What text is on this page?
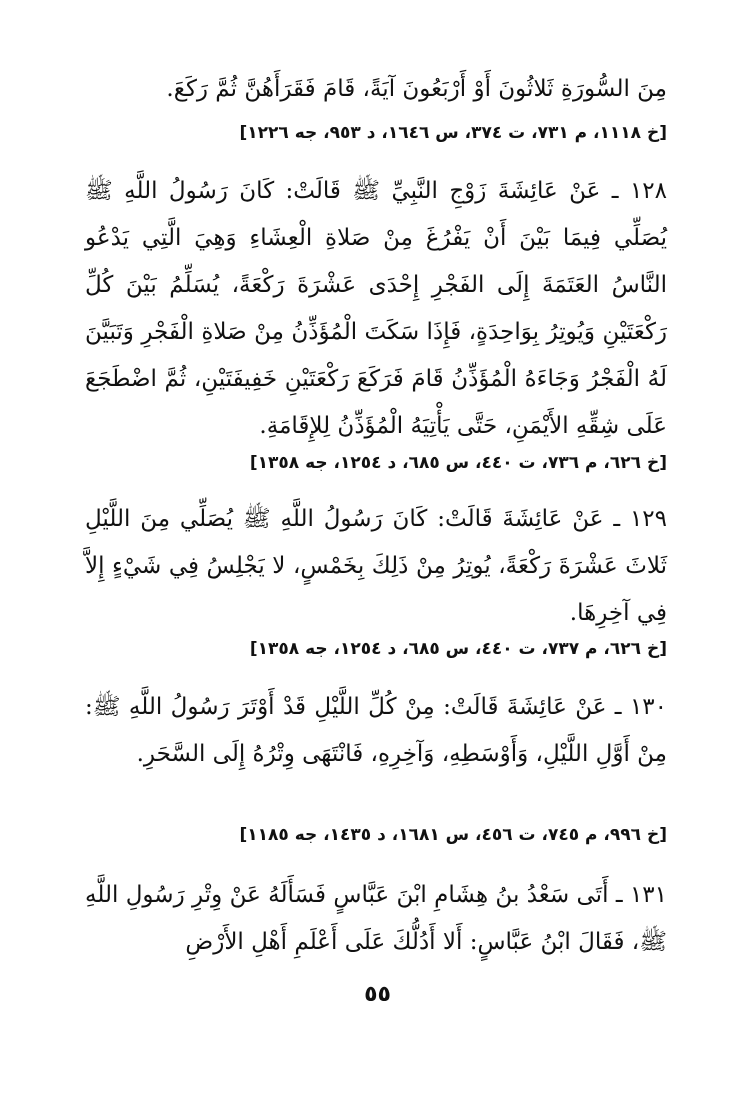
مِنَ السُّورَةِ ثَلاثُونَ أَوْ أَرْبَعُونَ آيَةً، قَامَ فَقَرَأَهُنَّ ثُمَّ رَكَعَ.
[خ ١١١٨، م ٧٣١، ت ٣٧٤، س ١٦٤٦، د ٩٥٣، جه ١٢٢٦]
١٢٨ ـ عَنْ عَائِشَةَ زَوْجِ النَّبِيِّ ﷺ قَالَتْ: كَانَ رَسُولُ اللَّهِ ﷺ يُصَلِّي فِيمَا بَيْنَ أَنْ يَفْرُغَ مِنْ صَلاةِ الْعِشَاءِ وَهِيَ الَّتِي يَدْعُو النَّاسُ العَتَمَةَ إِلَى الفَجْرِ إِحْدَى عَشْرَةَ رَكْعَةً، يُسَلِّمُ بَيْنَ كُلِّ رَكْعَتَيْنِ وَيُوتِرُ بِوَاحِدَةٍ، فَإِذَا سَكَتَ الْمُؤَذِّنُ مِنْ صَلاةِ الْفَجْرِ وَتَبَيَّنَ لَهُ الْفَجْرُ وَجَاءَهُ الْمُؤَذِّنُ قَامَ فَرَكَعَ رَكْعَتَيْنِ خَفِيفَتَيْنِ، ثُمَّ اضْطَجَعَ عَلَى شِقِّهِ الأَيْمَنِ، حَتَّى يَأْتِيَهُ الْمُؤَذِّنُ لِلإِقَامَةِ.
[خ ٦٢٦، م ٧٣٦، ت ٤٤٠، س ٦٨٥، د ١٢٥٤، جه ١٣٥٨]
١٢٩ ـ عَنْ عَائِشَةَ قَالَتْ: كَانَ رَسُولُ اللَّهِ ﷺ يُصَلِّي مِنَ اللَّيْلِ ثَلاثَ عَشْرَةَ رَكْعَةً، يُوتِرُ مِنْ ذَلِكَ بِخَمْسٍ، لا يَجْلِسُ فِي شَيْءٍ إِلاَّ فِي آخِرِهَا.
[خ ٦٢٦، م ٧٣٧، ت ٤٤٠، س ٦٨٥، د ١٢٥٤، جه ١٣٥٨]
١٣٠ ـ عَنْ عَائِشَةَ قَالَتْ: مِنْ كُلِّ اللَّيْلِ قَدْ أَوْتَرَ رَسُولُ اللَّهِ ﷺ: مِنْ أَوَّلِ اللَّيْلِ، وَأَوْسَطِهِ، وَآخِرِهِ، فَانْتَهَى وِتْرُهُ إِلَى السَّحَرِ.
[خ ٩٩٦، م ٧٤٥، ت ٤٥٦، س ١٦٨١، د ١٤٣٥، جه ١١٨٥]
١٣١ ـ أَتَى سَعْدُ بنُ هِشَامِ ابْنَ عَبَّاسٍ فَسَأَلَهُ عَنْ وِتْرِ رَسُولِ اللَّهِ ﷺ، فَقَالَ ابْنُ عَبَّاسٍ: أَلا أَدُلُّكَ عَلَى أَعْلَمِ أَهْلِ الأَرْضِ
٥٥
